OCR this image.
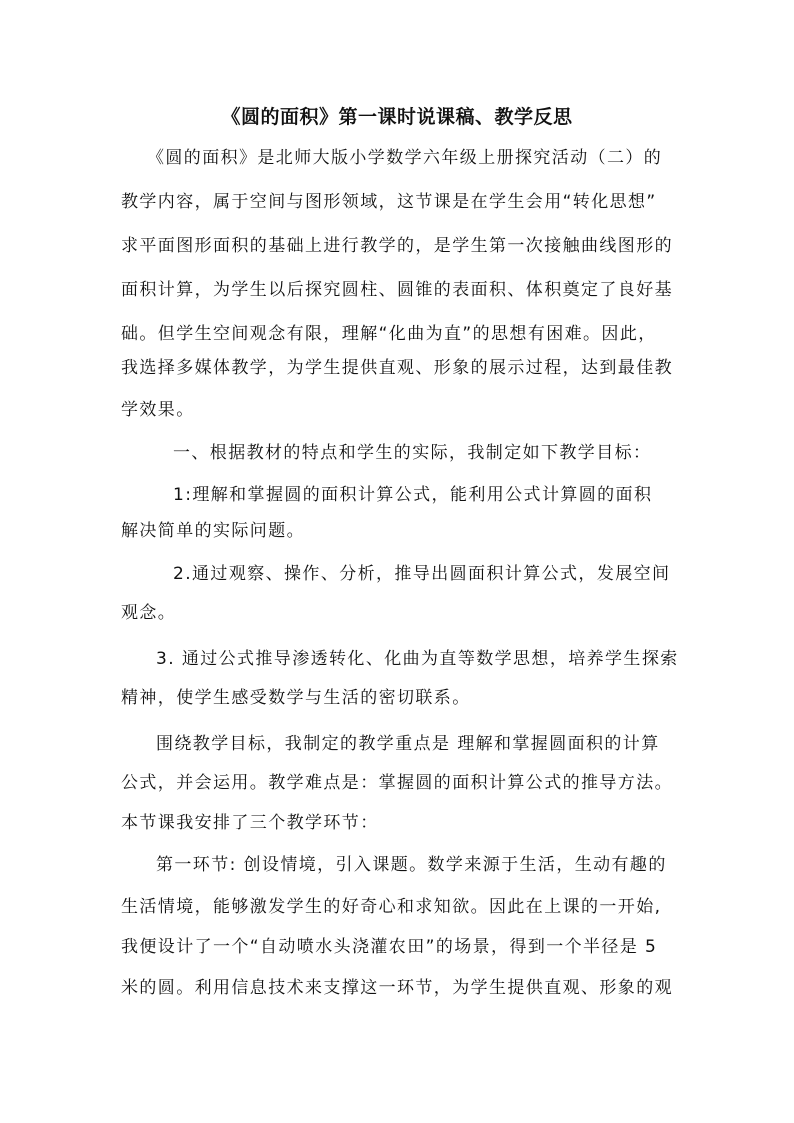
《圆的面积》第一课时说课稿、教学反思
《圆的面积》是北师大版小学数学六年级上册探究活动（二）的
教学内容，属于空间与图形领域，这节课是在学生会用“转化思想”
求平面图形面积的基础上进行教学的，是学生第一次接触曲线图形的
面积计算，为学生以后探究圆柱、圆锥的表面积、体积奠定了良好基
础。但学生空间观念有限，理解“化曲为直”的思想有困难。因此，
我选择多媒体教学，为学生提供直观、形象的展示过程，达到最佳教
学效果。
一、根据教材的特点和学生的实际，我制定如下教学目标：
1:理解和掌握圆的面积计算公式，能利用公式计算圆的面积
解决简单的实际问题。
2.通过观察、操作、分析，推导出圆面积计算公式，发展空间
观念。
3. 通过公式推导渗透转化、化曲为直等数学思想，培养学生探索
精神，使学生感受数学与生活的密切联系。
围绕教学目标，我制定的教学重点是 理解和掌握圆面积的计算
公式，并会运用。教学难点是：掌握圆的面积计算公式的推导方法。
本节课我安排了三个教学环节：
第一环节: 创设情境，引入课题。数学来源于生活，生动有趣的
生活情境，能够激发学生的好奇心和求知欲。因此在上课的一开始,
我便设计了一个“自动喷水头浇灌农田”的场景，得到一个半径是 5
米的圆。利用信息技术来支撑这一环节，为学生提供直观、形象的观
